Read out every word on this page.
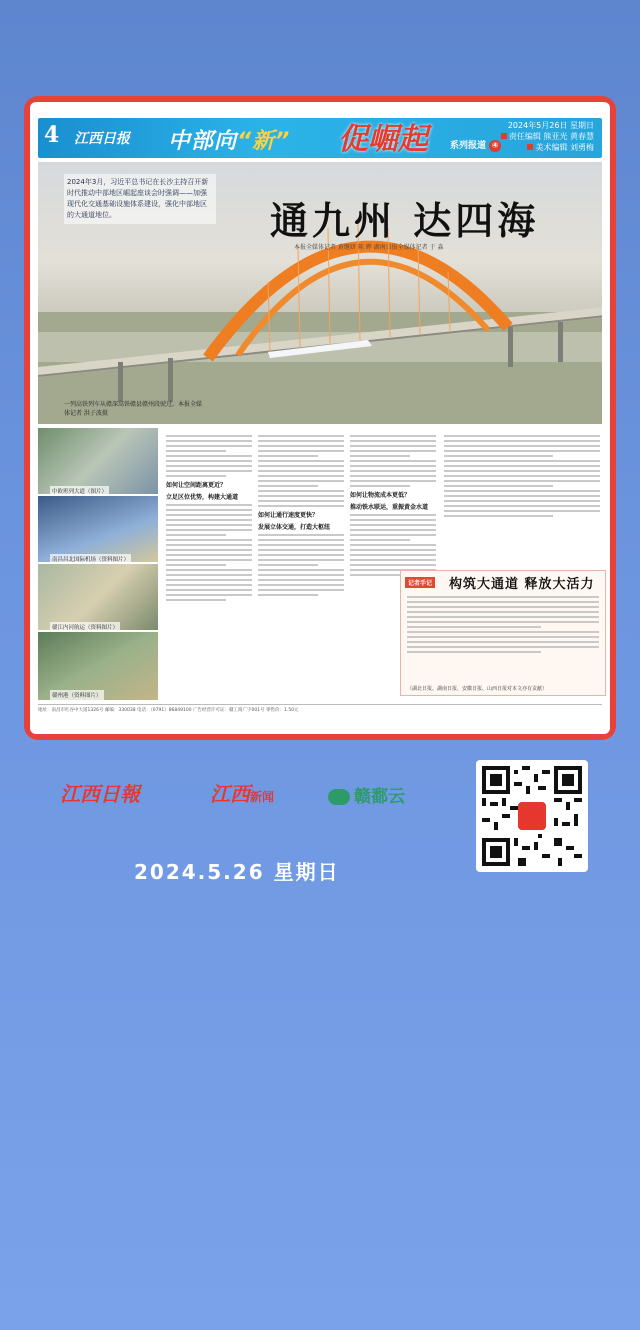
4 江西日报 中部向“新” 促崛起 系列报道 ④
2024年5月26日 星期日
责任编辑 熊亚光 黄春慧
美术编辑 刘勇梅
2024年3月，习近平总书记在长沙主持召开新时代推动中部地区崛起座谈会时强调——加强现代化交通基础设施体系建设，强化中部地区的大通道地位。	通九州 达四海
本报全媒体记者 黄继妍 陈 晔 湖南日报全媒体记者 于 淼
一列高铁列车从赣深高铁赣县赣州段驶过。本报全媒体记者 洪子波摄
中欧班列大道（图片）
南昌昌北国际机场（资料图片）
赣江内河航运（资料图片）
赣州港（资料图片）
如何让空间距离更近？
立足区位优势，构建大通道
如何让通行速度更快？
发展立体交通，打造大枢纽
如何让物流成本更低？
推动铁水联运，重振黄金水道
记者手记 构筑大通道 释放大活力
（湖北日报、湖南日报、安徽日报、山西日报对本文亦有贡献）
地址：南昌市红谷中大道1326号 邮编：330038 电话：（0791）86849100 广告经营许可证：赣工商广字001号 零售价：1.50元
江西日報	江西新闻	赣鄱云
2024.5.26 星期日
